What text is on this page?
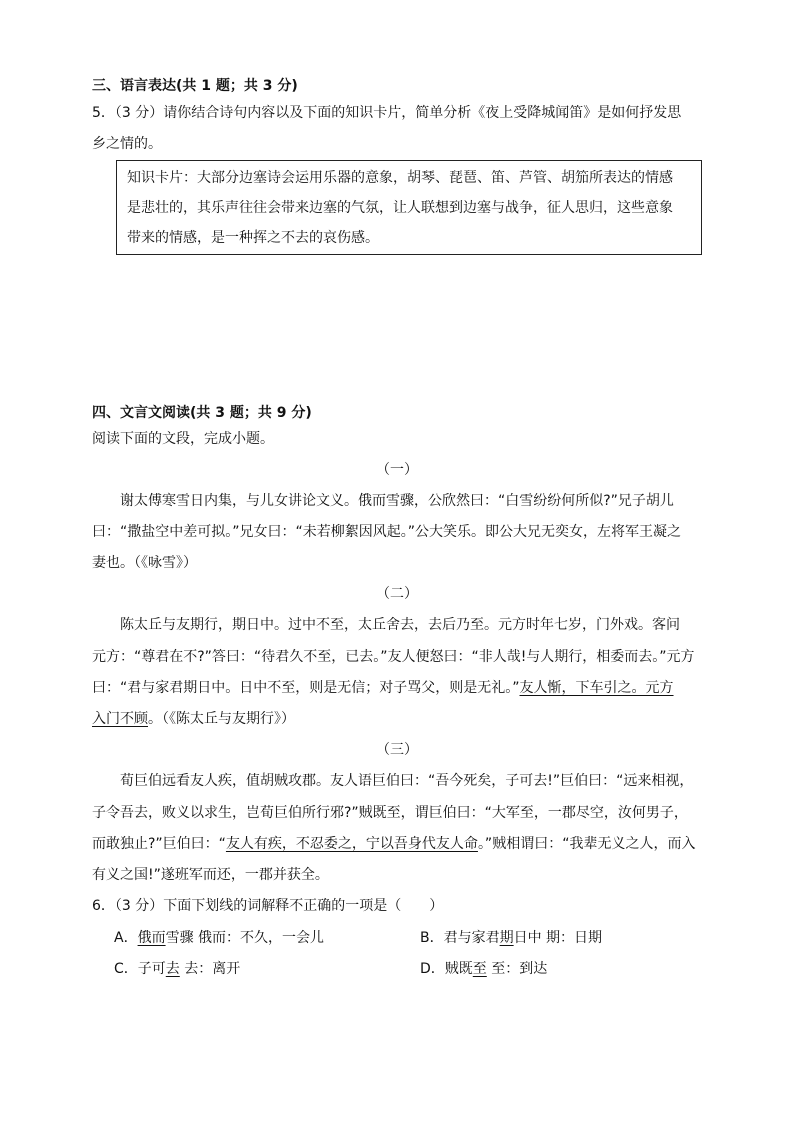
三、语言表达(共 1 题；共 3 分)
5．（3 分）请你结合诗句内容以及下面的知识卡片，简单分析《夜上受降城闻笛》是如何抒发思
乡之情的。
知识卡片：大部分边塞诗会运用乐器的意象，胡琴、琵琶、笛、芦管、胡笳所表达的情感
是悲壮的，其乐声往往会带来边塞的气氛，让人联想到边塞与战争，征人思归，这些意象
带来的情感，是一种挥之不去的哀伤感。
四、文言文阅读(共 3 题；共 9 分)
阅读下面的文段，完成小题。
（一）
谢太傅寒雪日内集，与儿女讲论文义。俄而雪骤，公欣然曰：“白雪纷纷何所似?”兄子胡儿
曰：“撒盐空中差可拟。”兄女曰：“未若柳絮因风起。”公大笑乐。即公大兄无奕女，左将军王凝之
妻也。（《咏雪》）
（二）
陈太丘与友期行，期日中。过中不至，太丘舍去，去后乃至。元方时年七岁，门外戏。客问
元方：“尊君在不?”答曰：“待君久不至，已去。”友人便怒曰：“非人哉!与人期行，相委而去。”元方
曰：“君与家君期日中。日中不至，则是无信；对子骂父，则是无礼。”友人惭，下车引之。元方
入门不顾。（《陈太丘与友期行》）
（三）
荀巨伯远看友人疾，值胡贼攻郡。友人语巨伯曰：“吾今死矣，子可去!”巨伯曰：“远来相视，
子令吾去，败义以求生，岂荀巨伯所行邪?”贼既至，谓巨伯曰：“大军至，一郡尽空，汝何男子，
而敢独止?”巨伯曰：“友人有疾，不忍委之，宁以吾身代友人命。”贼相谓曰：“我辈无义之人，而入
有义之国!”遂班军而还，一郡并获全。
6．（3 分）下面下划线的词解释不正确的一项是（　　）
A．俄而雪骤 俄而：不久，一会儿	B．君与家君期日中 期：日期
C．子可去 去：离开	D．贼既至 至：到达
